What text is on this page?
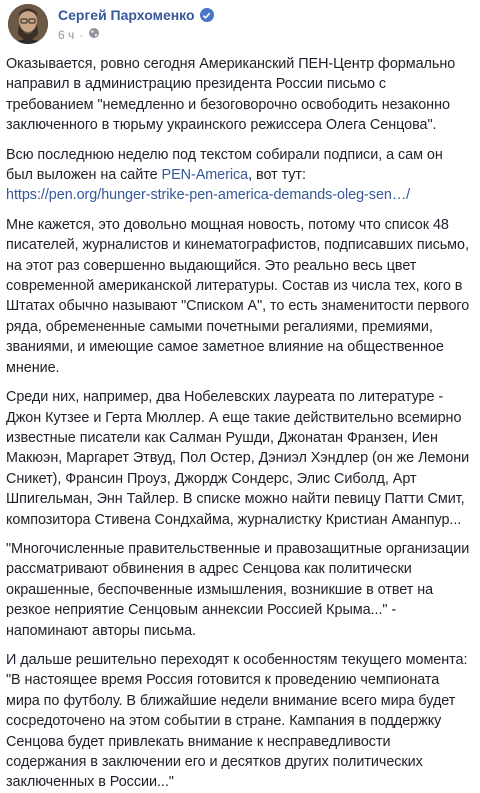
Сергей Пархоменко
6 ч ·

Оказывается, ровно сегодня Американский ПЕН-Центр формально направил в администрацию президента России письмо с требованием "немедленно и безоговорочно освободить незаконно заключенного в тюрьму украинского режиссера Олега Сенцова".

Всю последнюю неделю под текстом собирали подписи, а сам он был выложен на сайте PEN-America, вот тут:
https://pen.org/hunger-strike-pen-america-demands-oleg-sen…/

Мне кажется, это довольно мощная новость, потому что список 48 писателей, журналистов и кинематографистов, подписавших письмо, на этот раз совершенно выдающийся. Это реально весь цвет современной американской литературы. Состав из числа тех, кого в Штатах обычно называют "Списком А", то есть знаменитости первого ряда, обремененные самыми почетными регалиями, премиями, званиями, и имеющие самое заметное влияние на общественное мнение.

Среди них, например, два Нобелевских лауреата по литературе - Джон Кутзее и Герта Мюллер. А еще такие действительно всемирно известные писатели как Салман Рушди, Джонатан Франзен, Иен Макюэн, Маргарет Этвуд, Пол Остер, Дэниэл Хэндлер (он же Лемони Сникет), Франсин Проуз, Джордж Сондерс, Элис Сиболд, Арт Шпигельман, Энн Тайлер. В списке можно найти певицу Патти Смит, композитора Стивена Сондхайма, журналистку Кристиан Аманпур...

"Многочисленные правительственные и правозащитные организации рассматривают обвинения в адрес Сенцова как политически окрашенные, беспочвенные измышления, возникшие в ответ на резкое неприятие Сенцовым аннексии Россией Крыма..." - напоминают авторы письма.

И дальше решительно переходят к особенностям текущего момента: "В настоящее время Россия готовится к проведению чемпионата мира по футболу. В ближайшие недели внимание всего мира будет сосредоточено на этом событии в стране. Кампания в поддержку Сенцова будет привлекать внимание к несправедливости содержания в заключении его и десятков других политических заключенных в России..."
